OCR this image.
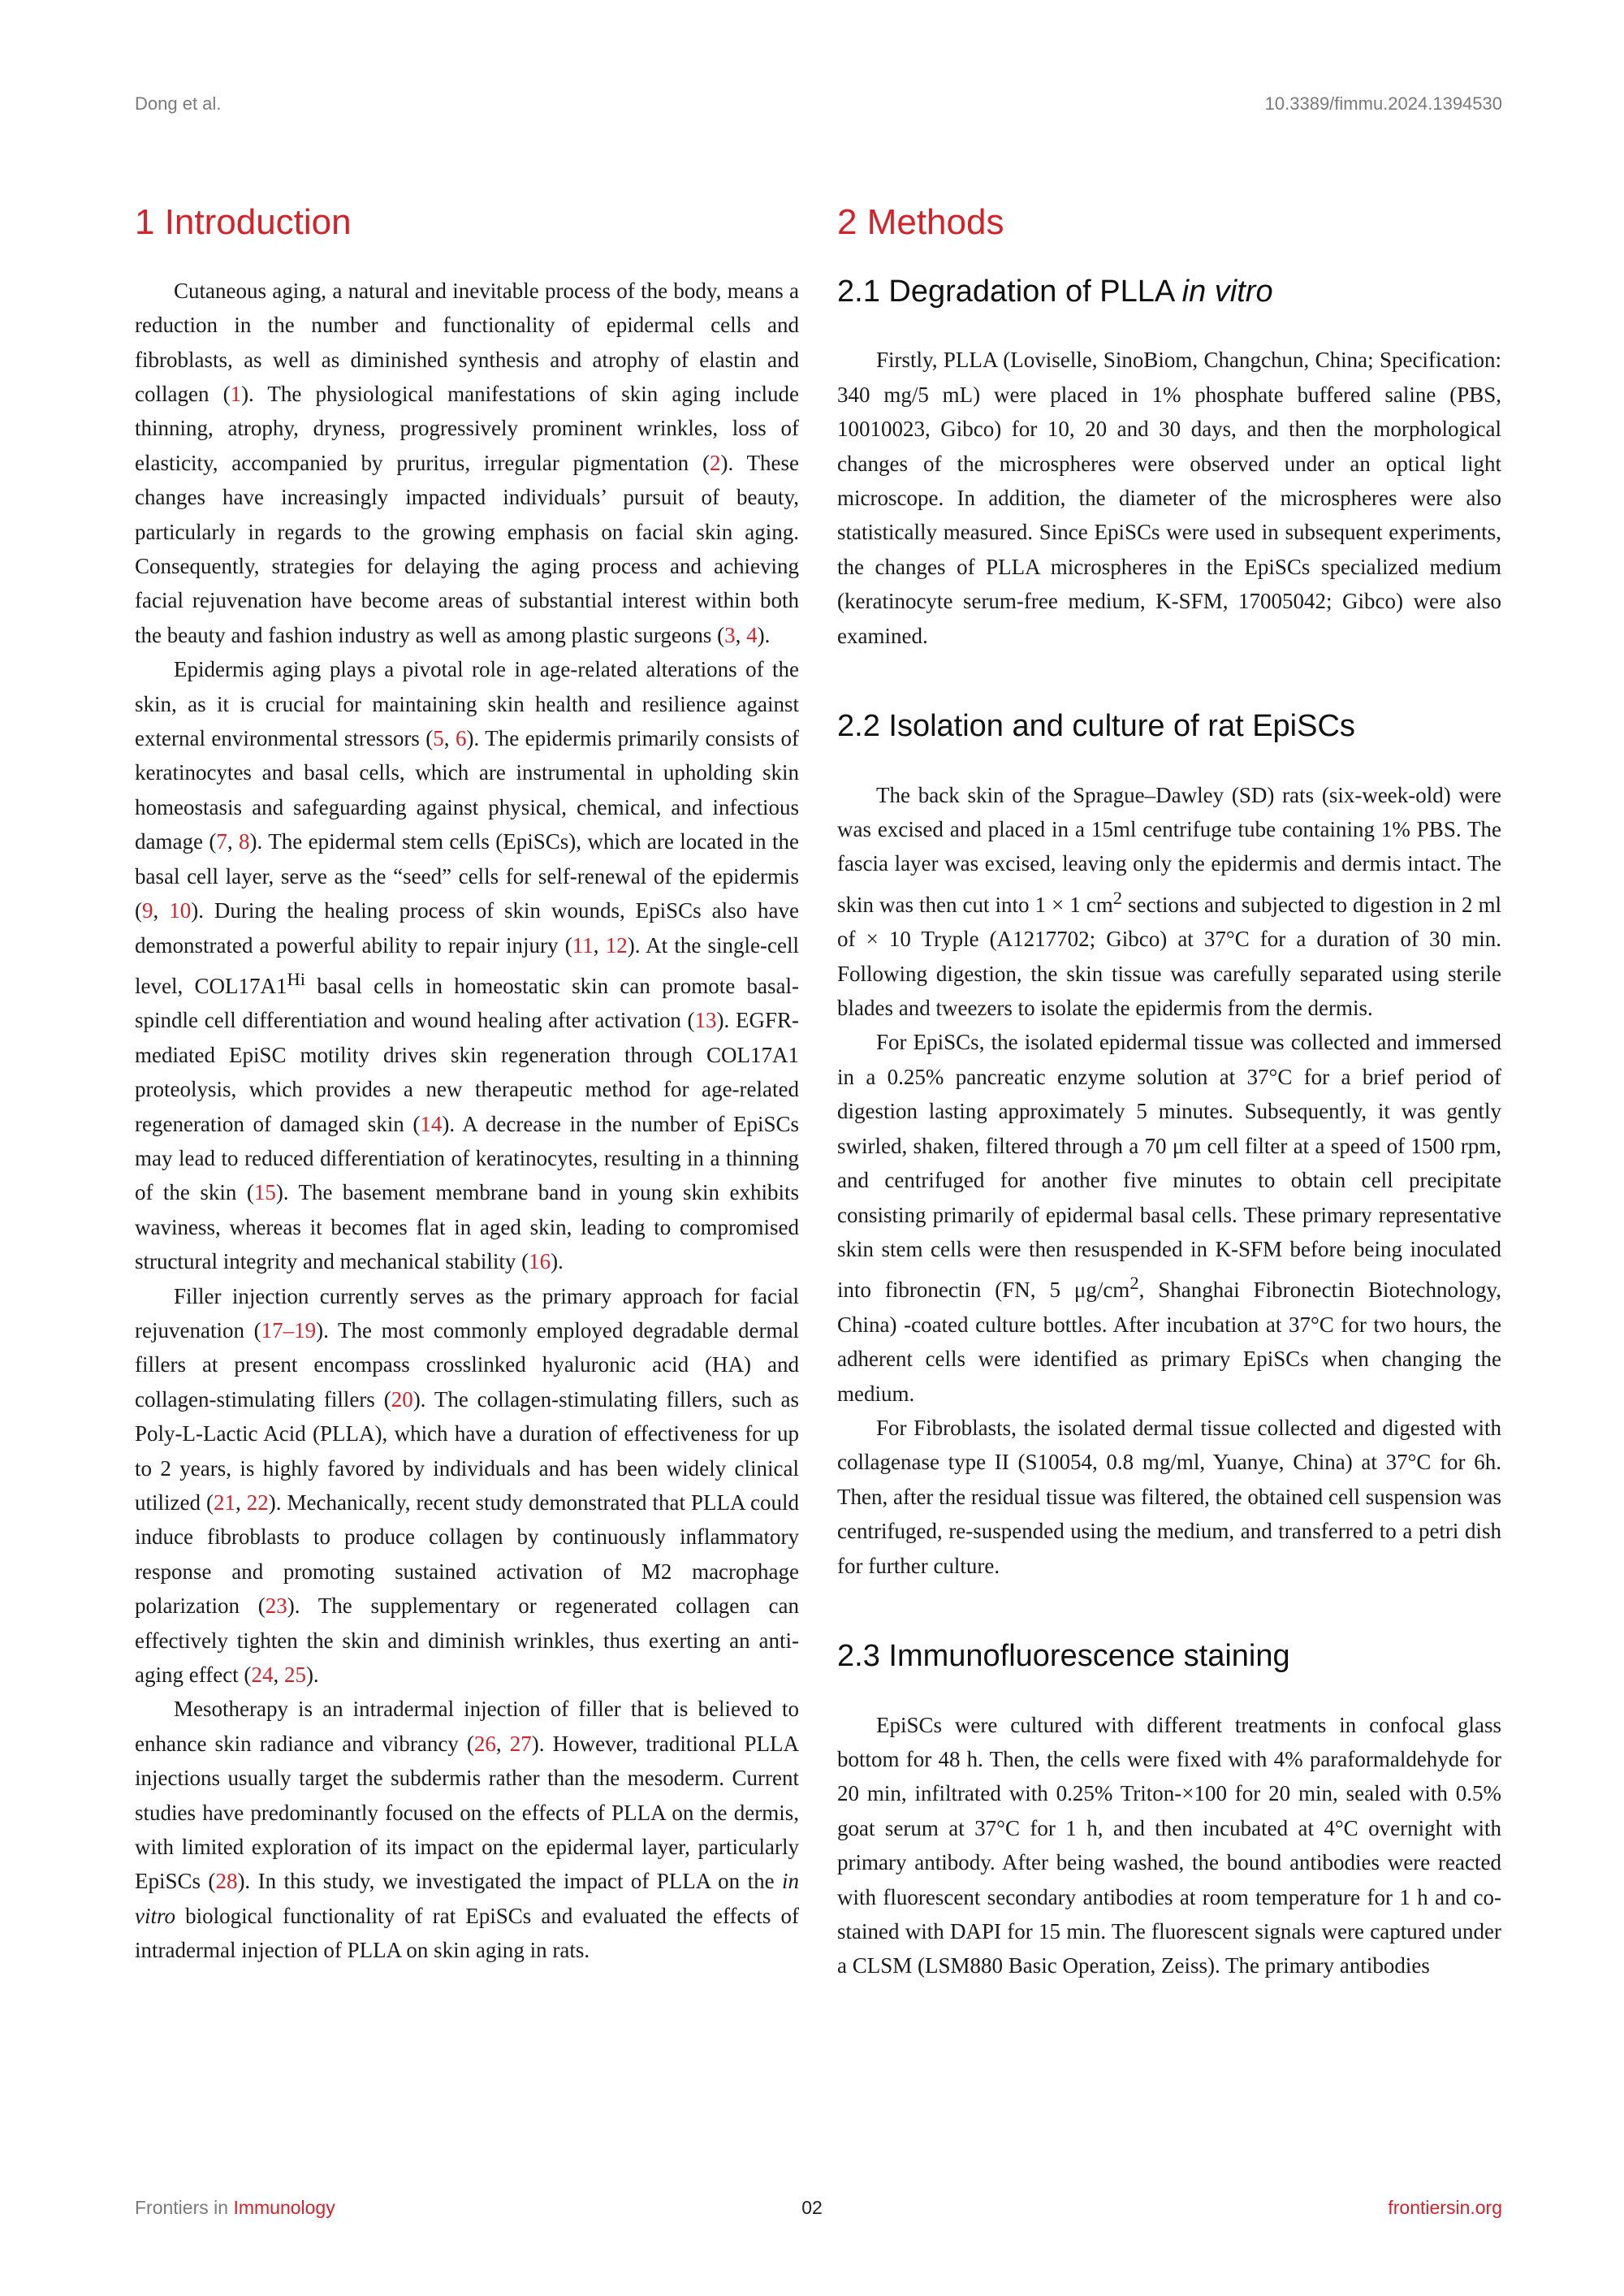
Dong et al.	10.3389/fimmu.2024.1394530
1 Introduction

Cutaneous aging, a natural and inevitable process of the body, means a reduction in the number and functionality of epidermal cells and fibroblasts, as well as diminished synthesis and atrophy of elastin and collagen (1). The physiological manifestations of skin aging include thinning, atrophy, dryness, progressively prominent wrinkles, loss of elasticity, accompanied by pruritus, irregular pigmentation (2). These changes have increasingly impacted individuals’ pursuit of beauty, particularly in regards to the growing emphasis on facial skin aging. Consequently, strategies for delaying the aging process and achieving facial rejuvenation have become areas of substantial interest within both the beauty and fashion industry as well as among plastic surgeons (3, 4).

Epidermis aging plays a pivotal role in age-related alterations of the skin, as it is crucial for maintaining skin health and resilience against external environmental stressors (5, 6). The epidermis primarily consists of keratinocytes and basal cells, which are instrumental in upholding skin homeostasis and safeguarding against physical, chemical, and infectious damage (7, 8). The epidermal stem cells (EpiSCs), which are located in the basal cell layer, serve as the “seed” cells for self-renewal of the epidermis (9, 10). During the healing process of skin wounds, EpiSCs also have demonstrated a powerful ability to repair injury (11, 12). At the single-cell level, $COL17A1^{Hi}$ basal cells in homeostatic skin can promote basal-spindle cell differentiation and wound healing after activation (13). EGFR-mediated EpiSC motility drives skin regeneration through COL17A1 proteolysis, which provides a new therapeutic method for age-related regeneration of damaged skin (14). A decrease in the number of EpiSCs may lead to reduced differentiation of keratinocytes, resulting in a thinning of the skin (15). The basement membrane band in young skin exhibits waviness, whereas it becomes flat in aged skin, leading to compromised structural integrity and mechanical stability (16).

Filler injection currently serves as the primary approach for facial rejuvenation (17–19). The most commonly employed degradable dermal fillers at present encompass crosslinked hyaluronic acid (HA) and collagen-stimulating fillers (20). The collagen-stimulating fillers, such as Poly-L-Lactic Acid (PLLA), which have a duration of effectiveness for up to 2 years, is highly favored by individuals and has been widely clinical utilized (21, 22). Mechanically, recent study demonstrated that PLLA could induce fibroblasts to produce collagen by continuously inflammatory response and promoting sustained activation of M2 macrophage polarization (23). The supplementary or regenerated collagen can effectively tighten the skin and diminish wrinkles, thus exerting an anti-aging effect (24, 25).

Mesotherapy is an intradermal injection of filler that is believed to enhance skin radiance and vibrancy (26, 27). However, traditional PLLA injections usually target the subdermis rather than the mesoderm. Current studies have predominantly focused on the effects of PLLA on the dermis, with limited exploration of its impact on the epidermal layer, particularly EpiSCs (28). In this study, we investigated the impact of PLLA on the in vitro biological functionality of rat EpiSCs and evaluated the effects of intradermal injection of PLLA on skin aging in rats.

2 Methods
2.1 Degradation of PLLA in vitro

Firstly, PLLA (Loviselle, SinoBiom, Changchun, China; Specification: 340 mg/5 mL) were placed in 1% phosphate buffered saline (PBS, 10010023, Gibco) for 10, 20 and 30 days, and then the morphological changes of the microspheres were observed under an optical light microscope. In addition, the diameter of the microspheres were also statistically measured. Since EpiSCs were used in subsequent experiments, the changes of PLLA microspheres in the EpiSCs specialized medium (keratinocyte serum-free medium, K-SFM, 17005042; Gibco) were also examined.

2.2 Isolation and culture of rat EpiSCs

The back skin of the Sprague–Dawley (SD) rats (six-week-old) were was excised and placed in a 15ml centrifuge tube containing 1% PBS. The fascia layer was excised, leaving only the epidermis and dermis intact. The skin was then cut into 1 × 1 $cm^2$ sections and subjected to digestion in 2 ml of × 10 Tryple (A1217702; Gibco) at 37°C for a duration of 30 min. Following digestion, the skin tissue was carefully separated using sterile blades and tweezers to isolate the epidermis from the dermis.

For EpiSCs, the isolated epidermal tissue was collected and immersed in a 0.25% pancreatic enzyme solution at 37°C for a brief period of digestion lasting approximately 5 minutes. Subsequently, it was gently swirled, shaken, filtered through a 70 μm cell filter at a speed of 1500 rpm, and centrifuged for another five minutes to obtain cell precipitate consisting primarily of epidermal basal cells. These primary representative skin stem cells were then resuspended in K-SFM before being inoculated into fibronectin (FN, 5 $\mu g/cm^2$, Shanghai Fibronectin Biotechnology, China) -coated culture bottles. After incubation at 37°C for two hours, the adherent cells were identified as primary EpiSCs when changing the medium.

For Fibroblasts, the isolated dermal tissue collected and digested with collagenase type II (S10054, 0.8 mg/ml, Yuanye, China) at 37°C for 6h. Then, after the residual tissue was filtered, the obtained cell suspension was centrifuged, re-suspended using the medium, and transferred to a petri dish for further culture.

2.3 Immunofluorescence staining

EpiSCs were cultured with different treatments in confocal glass bottom for 48 h. Then, the cells were fixed with 4% paraformaldehyde for 20 min, infiltrated with 0.25% Triton-×100 for 20 min, sealed with 0.5% goat serum at 37°C for 1 h, and then incubated at 4°C overnight with primary antibody. After being washed, the bound antibodies were reacted with fluorescent secondary antibodies at room temperature for 1 h and co-stained with DAPI for 15 min. The fluorescent signals were captured under a CLSM (LSM880 Basic Operation, Zeiss). The primary antibodies

Frontiers in Immunology	02	frontiersin.org
